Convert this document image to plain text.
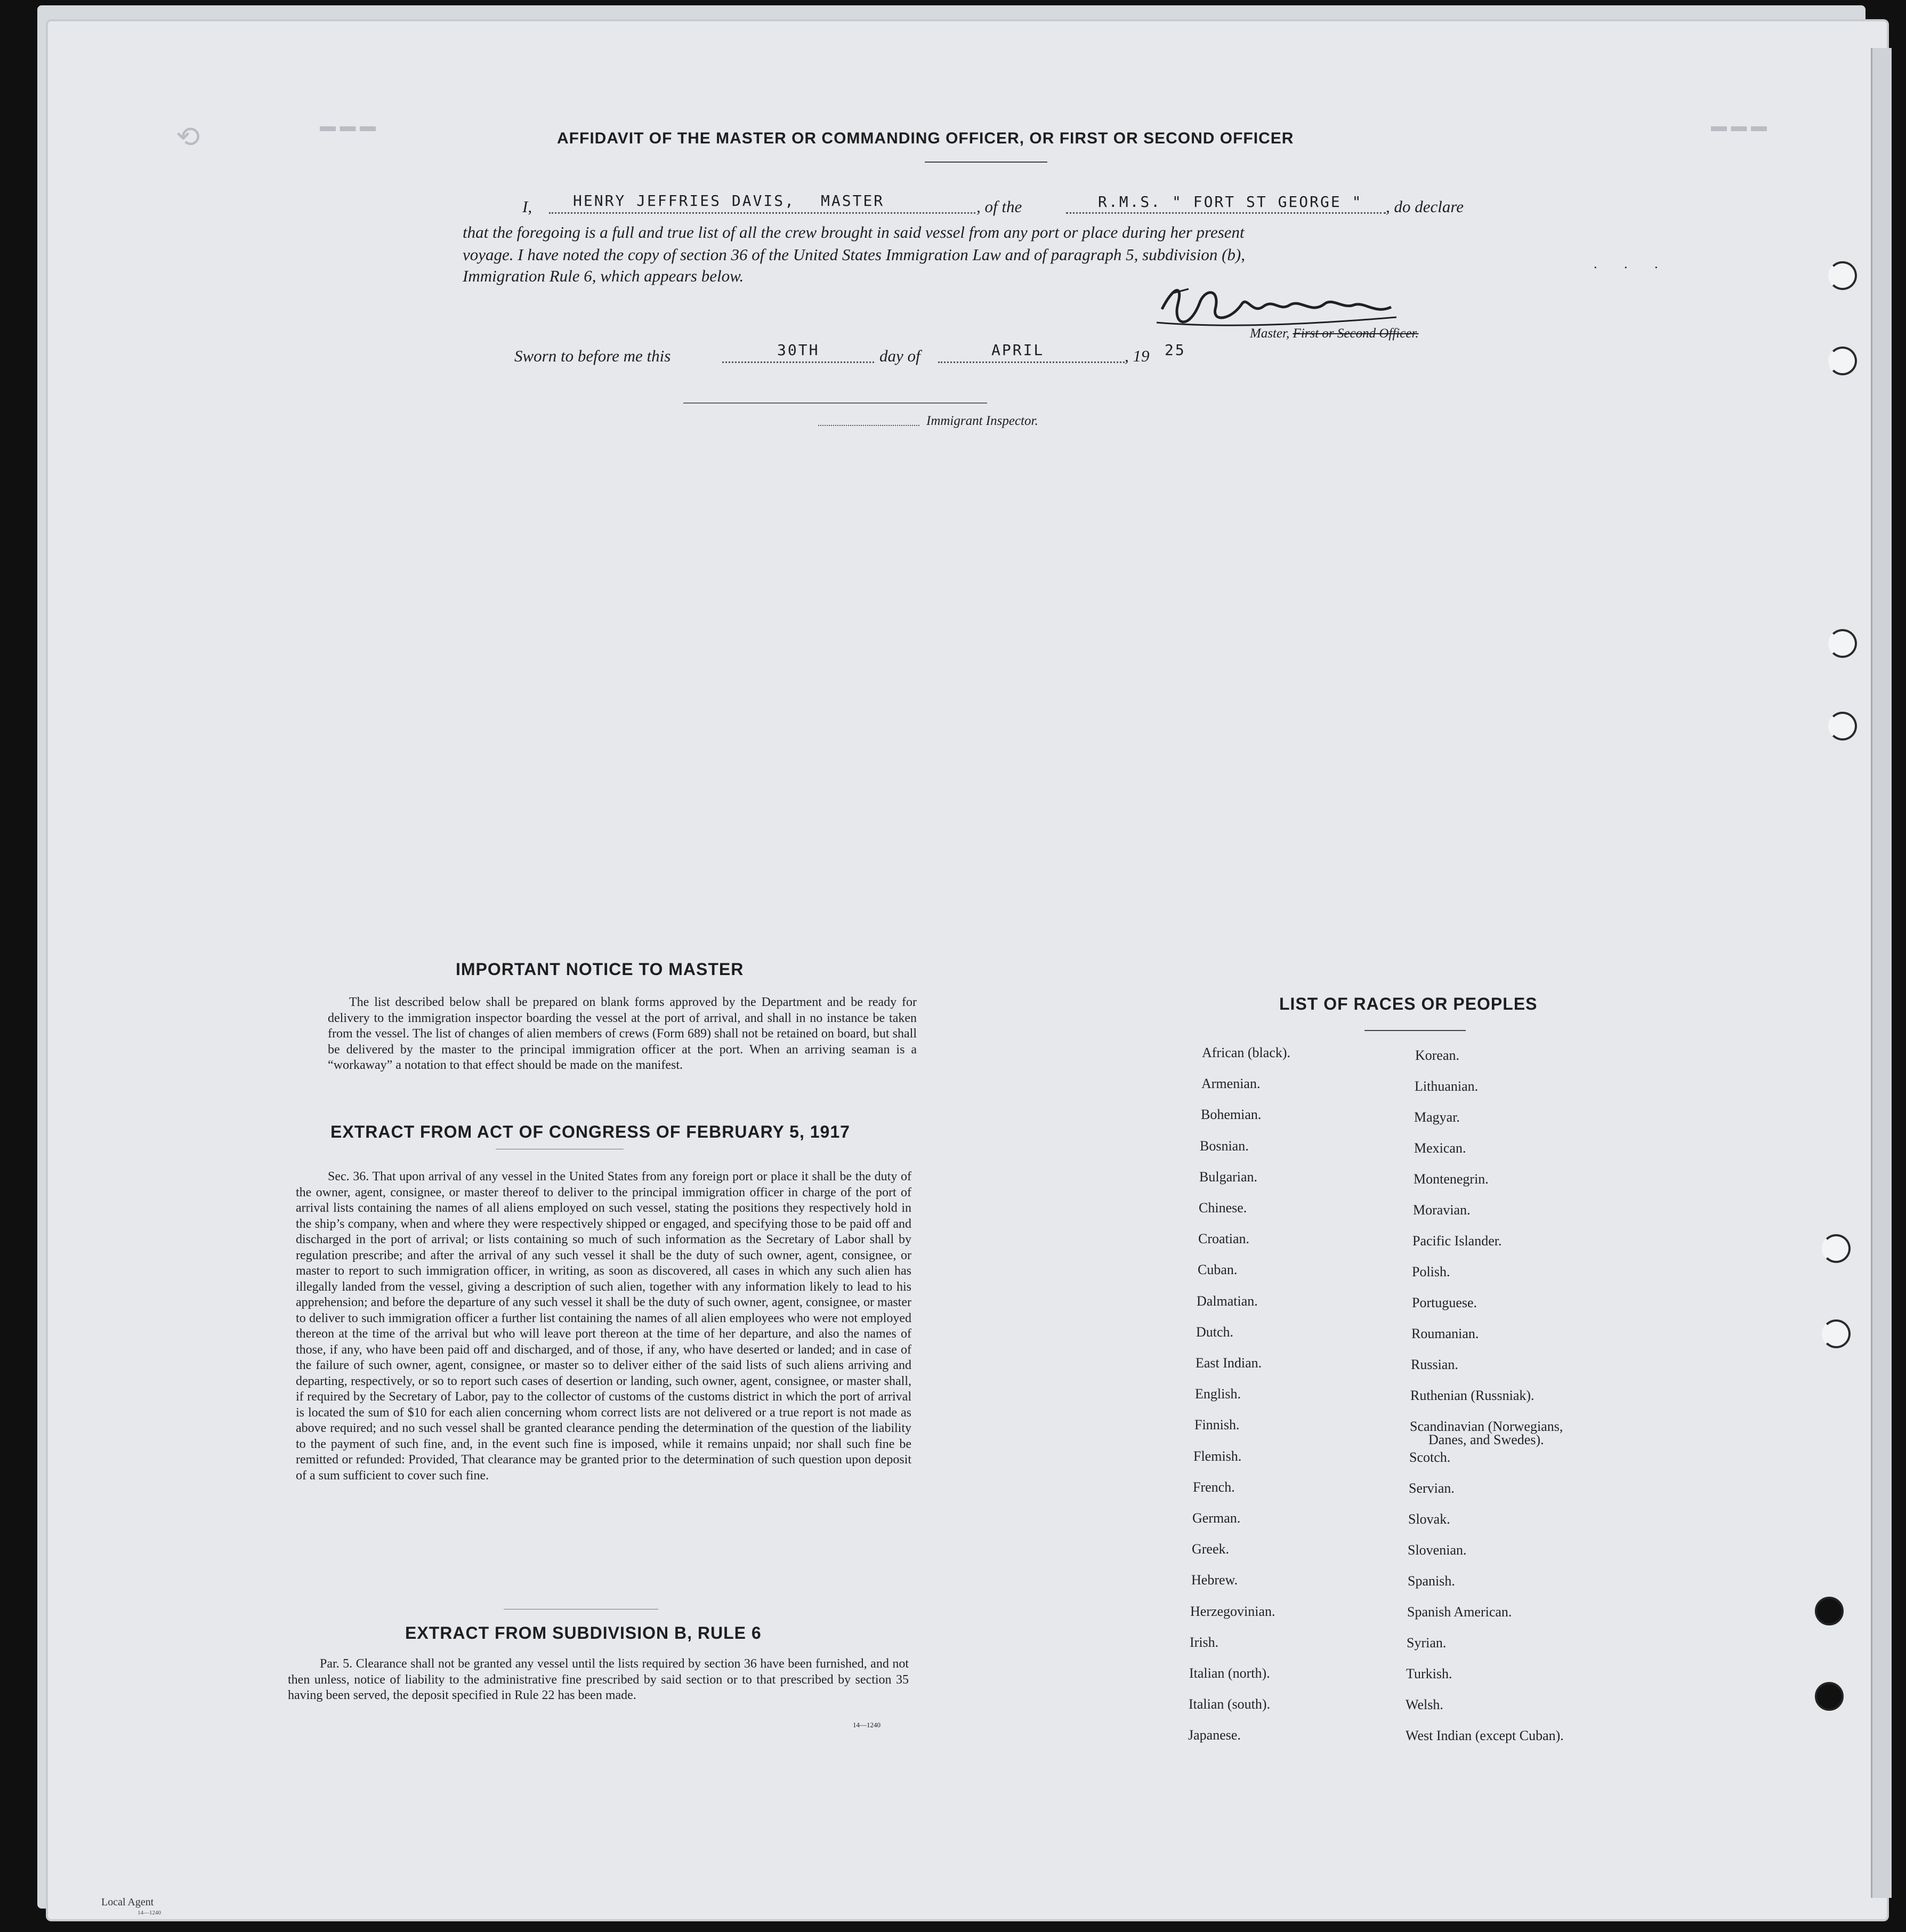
⟲	▬ ▬ ▬	▬ ▬ ▬
AFFIDAVIT OF THE MASTER OR COMMANDING OFFICER, OR FIRST OR SECOND OFFICER
I,	HENRY JEFFRIES DAVIS, MASTER	, of the	R.M.S. " FORT ST GEORGE " , do declare
that the foregoing is a full and true list of all the crew brought in said vessel from any port or place during her present
voyage. I have noted the copy of section 36 of the United States Immigration Law and of paragraph 5, subdivision (b),
Immigration Rule 6, which appears below.
. . .
Master, First or Second Officer.
Sworn to before me this	30TH	day of	APRIL	, 19 25
Immigrant Inspector.
IMPORTANT NOTICE TO MASTER
The list described below shall be prepared on blank forms approved by the Department and be ready for delivery to the immigration inspector boarding the vessel at the port of arrival, and shall in no instance be taken from the vessel. The list of changes of alien members of crews (Form 689) shall not be retained on board, but shall be delivered by the master to the principal immigration officer at the port. When an arriving seaman is a “workaway” a notation to that effect should be made on the manifest.
EXTRACT FROM ACT OF CONGRESS OF FEBRUARY 5, 1917
Sec. 36. That upon arrival of any vessel in the United States from any foreign port or place it shall be the duty of the owner, agent, consignee, or master thereof to deliver to the principal immigration officer in charge of the port of arrival lists containing the names of all aliens employed on such vessel, stating the positions they respectively hold in the ship’s company, when and where they were respectively shipped or engaged, and specifying those to be paid off and discharged in the port of arrival; or lists containing so much of such information as the Secretary of Labor shall by regulation prescribe; and after the arrival of any such vessel it shall be the duty of such owner, agent, consignee, or master to report to such immigration officer, in writing, as soon as discovered, all cases in which any such alien has illegally landed from the vessel, giving a description of such alien, together with any information likely to lead to his apprehension; and before the departure of any such vessel it shall be the duty of such owner, agent, consignee, or master to deliver to such immigration officer a further list containing the names of all alien employees who were not employed thereon at the time of the arrival but who will leave port thereon at the time of her departure, and also the names of those, if any, who have been paid off and discharged, and of those, if any, who have deserted or landed; and in case of the failure of such owner, agent, consignee, or master so to deliver either of the said lists of such aliens arriving and departing, respectively, or so to report such cases of desertion or landing, such owner, agent, consignee, or master shall, if required by the Secretary of Labor, pay to the collector of customs of the customs district in which the port of arrival is located the sum of $10 for each alien concerning whom correct lists are not delivered or a true report is not made as above required; and no such vessel shall be granted clearance pending the determination of the question of the liability to the payment of such fine, and, in the event such fine is imposed, while it remains unpaid; nor shall such fine be remitted or refunded: Provided, That clearance may be granted prior to the determination of such question upon deposit of a sum sufficient to cover such fine.
EXTRACT FROM SUBDIVISION B, RULE 6
Par. 5. Clearance shall not be granted any vessel until the lists required by section 36 have been furnished, and not then unless, notice of liability to the administrative fine prescribed by said section or to that prescribed by section 35 having been served, the deposit specified in Rule 22 has been made.
14—1240
LIST OF RACES OR PEOPLES
African (black).
Armenian.
Bohemian.
Bosnian.
Bulgarian.
Chinese.
Croatian.
Cuban.
Dalmatian.
Dutch.
East Indian.
English.
Finnish.
Flemish.
French.
German.
Greek.
Hebrew.
Herzegovinian.
Irish.
Italian (north).
Italian (south).
Japanese.
Korean.
Lithuanian.
Magyar.
Mexican.
Montenegrin.
Moravian.
Pacific Islander.
Polish.
Portuguese.
Roumanian.
Russian.
Ruthenian (Russniak).
Scandinavian (Norwegians,
Danes, and Swedes).
Scotch.
Servian.
Slovak.
Slovenian.
Spanish.
Spanish American.
Syrian.
Turkish.
Welsh.
West Indian (except Cuban).
Local Agent
14—1240
